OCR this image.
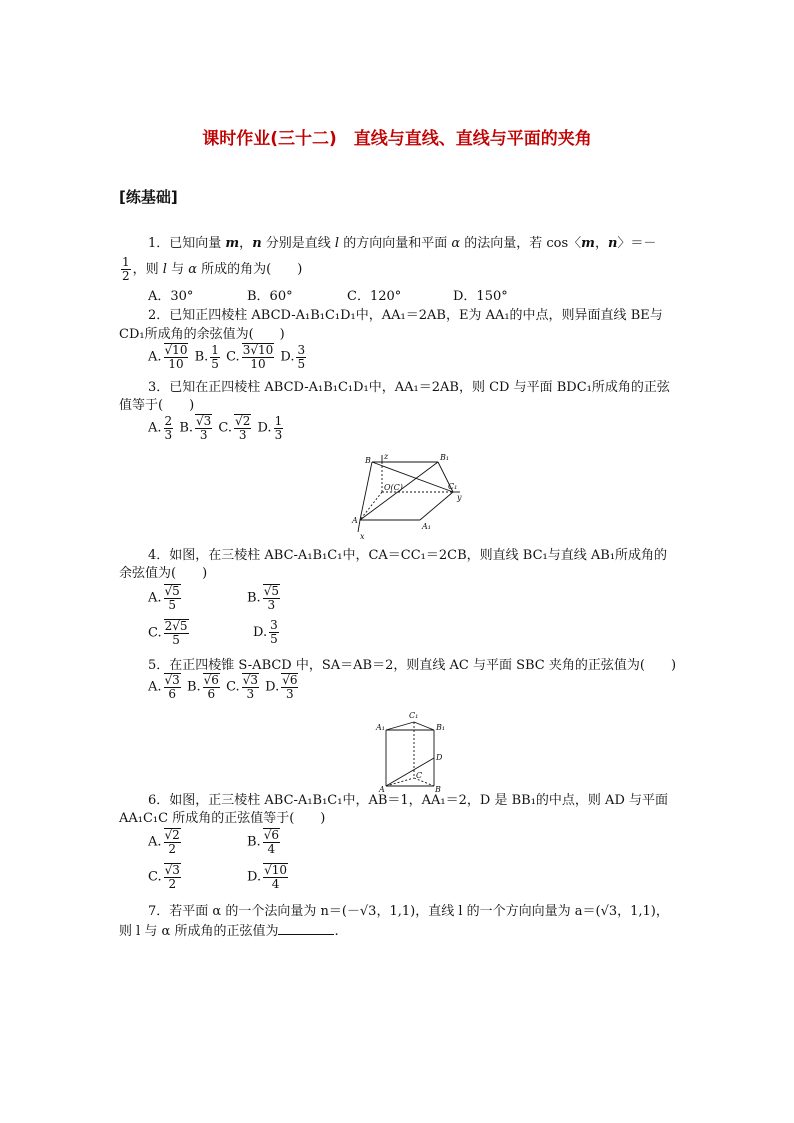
课时作业(三十二)　直线与直线、直线与平面的夹角
[练基础]
1．已知向量 m，n 分别是直线 l 的方向向量和平面 α 的法向量，若 cos〈m，n〉＝－
$\frac{1}{2}$ ，则 l 与 α 所成的角为(　　)
A．30°	B．60°	C．120°	D．150°
2．已知正四棱柱 ABCD-A₁B₁C₁D₁中，AA₁＝2AB，E为 AA₁的中点，则异面直线 BE与
CD₁所成角的余弦值为(　　)
A. $\frac{√10}{10} B$. $\frac{1}{5} C$. $\frac{3√10}{10} D$. $\frac{3}{5}$
3．已知在正四棱柱 ABCD-A₁B₁C₁D₁中，AA₁＝2AB，则 CD 与平面 BDC₁所成角的正弦
值等于(　　)
A. $\frac{2}{3} B$. $\frac{√3}{3} C$. $\frac{√2}{3} D$. $\frac{1}{3}$
B z	B₁
O(C)	C₁
y
A
A₁
x
4．如图，在三棱柱 ABC-A₁B₁C₁中，CA＝CC₁＝2CB，则直线 BC₁与直线 AB₁所成角的
余弦值为(　　)
A. $\frac{√5}{5}$	B. $\frac{√5}{3}$
C. $\frac{2√5}{5}$	D. $\frac{3}{5}$
5．在正四棱锥 S-ABCD 中，SA＝AB＝2，则直线 AC 与平面 SBC 夹角的正弦值为(　　)
A. $\frac{√3}{6} B$. $\frac{√6}{6} C$. $\frac{√3}{3} D$. $\frac{√6}{3}$
A₁
C₁
B₁
D
C
A	B
6．如图，正三棱柱 ABC-A₁B₁C₁中，AB＝1，AA₁＝2，D 是 BB₁的中点，则 AD 与平面
AA₁C₁C 所成角的正弦值等于(　　)
A. $\frac{√2}{2}$	B. $\frac{√6}{4}$
C. $\frac{√3}{2}$	D. $\frac{√10}{4}$
7．若平面 α 的一个法向量为 n＝(－√3，1,1)，直线 l 的一个方向向量为 a＝(√3，1,1)，
则 l 与 α 所成角的正弦值为	.
